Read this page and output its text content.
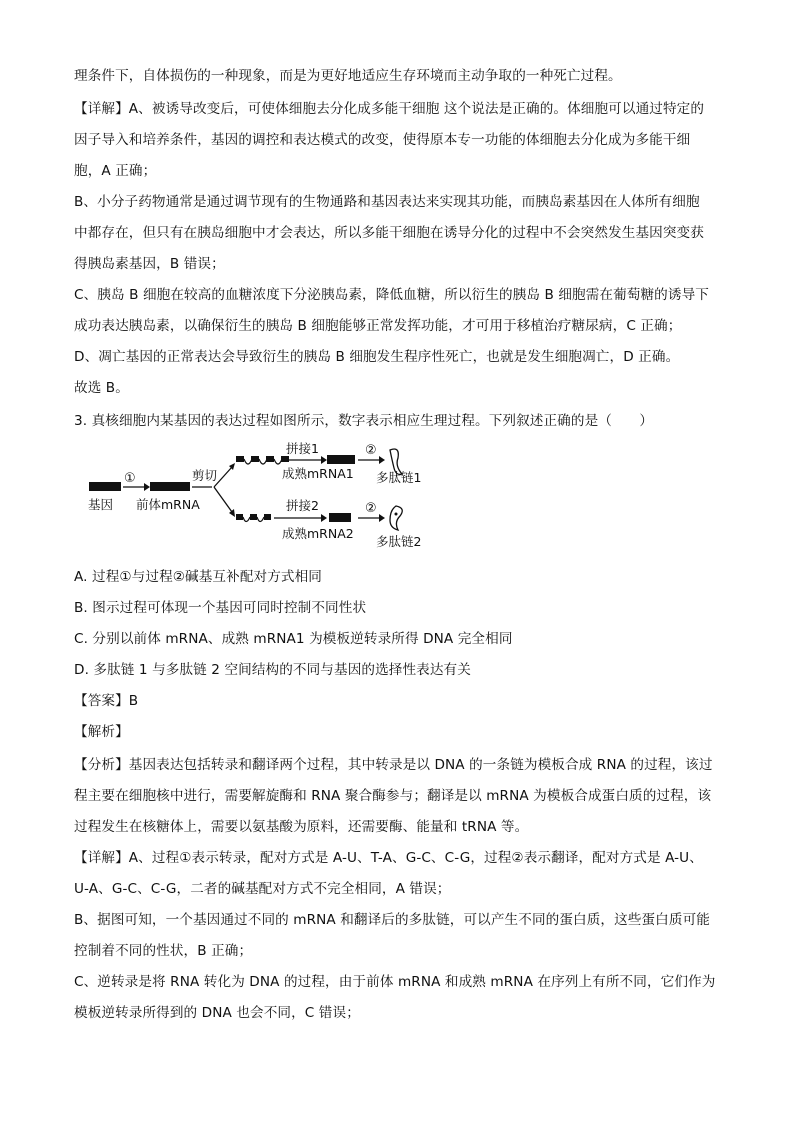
理条件下，自体损伤的一种现象，而是为更好地适应生存环境而主动争取的一种死亡过程。
【详解】A、被诱导改变后，可使体细胞去分化成多能干细胞 这个说法是正确的。体细胞可以通过特定的
因子导入和培养条件，基因的调控和表达模式的改变，使得原本专一功能的体细胞去分化成为多能干细
胞，A 正确；
B、小分子药物通常是通过调节现有的生物通路和基因表达来实现其功能，而胰岛素基因在人体所有细胞
中都存在，但只有在胰岛细胞中才会表达，所以多能干细胞在诱导分化的过程中不会突然发生基因突变获
得胰岛素基因，B 错误；
C、胰岛 B 细胞在较高的血糖浓度下分泌胰岛素，降低血糖，所以衍生的胰岛 B 细胞需在葡萄糖的诱导下
成功表达胰岛素，以确保衍生的胰岛 B 细胞能够正常发挥功能，才可用于移植治疗糖尿病，C 正确；
D、凋亡基因的正常表达会导致衍生的胰岛 B 细胞发生程序性死亡，也就是发生细胞凋亡，D 正确。
故选 B。
3. 真核细胞内某基因的表达过程如图所示，数字表示相应生理过程。下列叙述正确的是（　　）
基因
①
前体mRNA
剪切
拼接1
成熟mRNA1
②
多肽链1
拼接2
成熟mRNA2
②
多肽链2
A. 过程①与过程②碱基互补配对方式相同
B. 图示过程可体现一个基因可同时控制不同性状
C. 分别以前体 mRNA、成熟 mRNA1 为模板逆转录所得 DNA 完全相同
D. 多肽链 1 与多肽链 2 空间结构的不同与基因的选择性表达有关
【答案】B
【解析】
【分析】基因表达包括转录和翻译两个过程，其中转录是以 DNA 的一条链为模板合成 RNA 的过程，该过
程主要在细胞核中进行，需要解旋酶和 RNA 聚合酶参与；翻译是以 mRNA 为模板合成蛋白质的过程，该
过程发生在核糖体上，需要以氨基酸为原料，还需要酶、能量和 tRNA 等。
【详解】A、过程①表示转录，配对方式是 A-U、T-A、G-C、C-G，过程②表示翻译，配对方式是 A-U、
U-A、G-C、C-G，二者的碱基配对方式不完全相同，A 错误；
B、据图可知，一个基因通过不同的 mRNA 和翻译后的多肽链，可以产生不同的蛋白质，这些蛋白质可能
控制着不同的性状，B 正确；
C、逆转录是将 RNA 转化为 DNA 的过程，由于前体 mRNA 和成熟 mRNA 在序列上有所不同，它们作为
模板逆转录所得到的 DNA 也会不同，C 错误；
